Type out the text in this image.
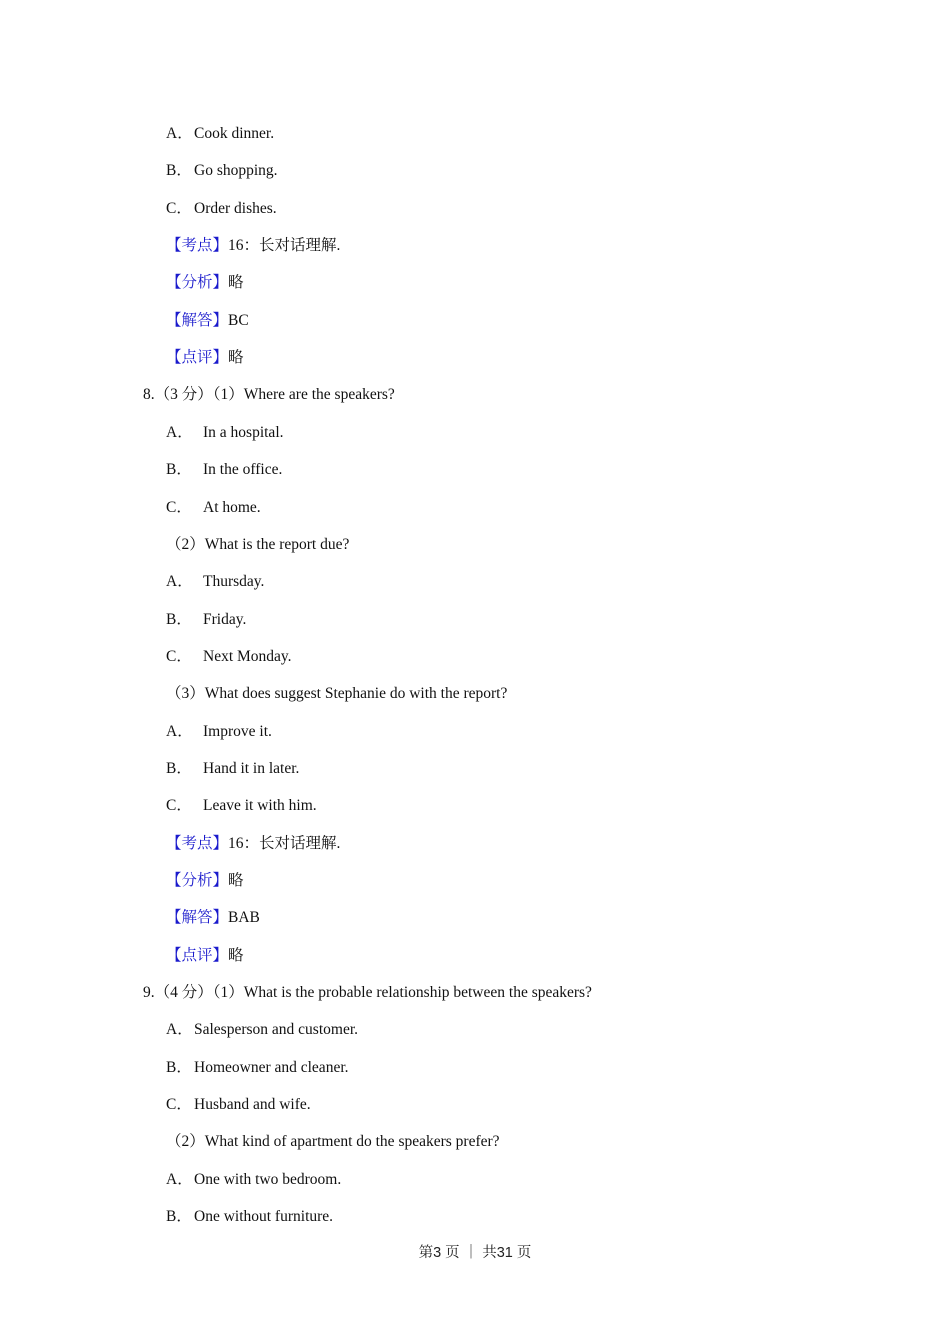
A．Cook dinner.
B． Go shopping.
C． Order dishes.
【考点】16：长对话理解.
【分析】略
【解答】BC
【点评】略
8.（3 分）（1）Where are the speakers?
A． In a hospital.
B． In the office.
C． At home.
（2）What is the report due?
A． Thursday.
B． Friday.
C． Next Monday.
（3）What does suggest Stephanie do with the report?
A． Improve it.
B． Hand it in later.
C． Leave it with him.
【考点】16：长对话理解.
【分析】略
【解答】BAB
【点评】略
9.（4 分）（1）What is the probable relationship between the speakers?
A．Salesperson and customer.
B． Homeowner and cleaner.
C． Husband and wife.
（2）What kind of apartment do the speakers prefer?
A．One with two bedroom.
B． One without furniture.
第3 页 ｜ 共31 页
